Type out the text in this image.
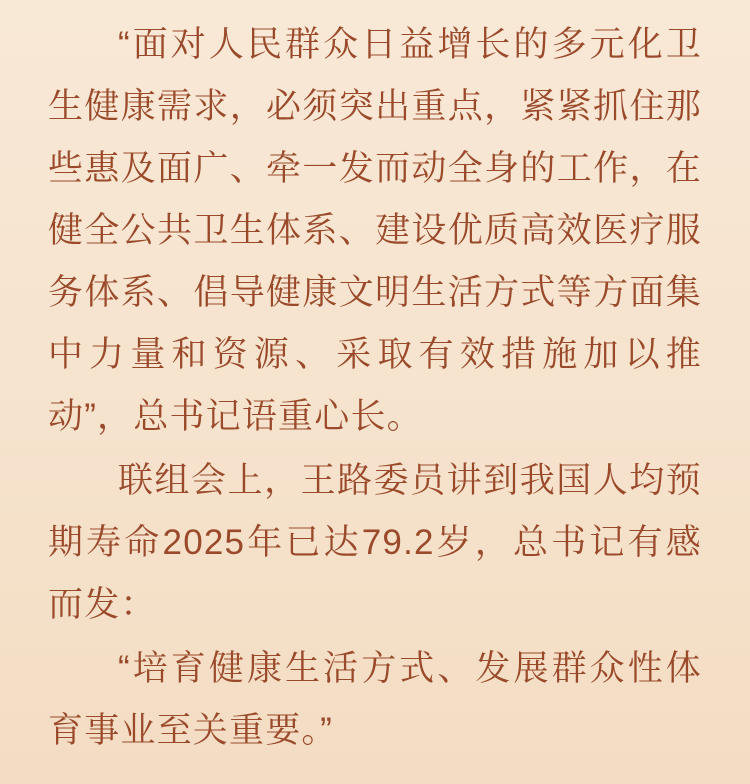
“面对人民群众日益增长的多元化卫生健康需求，必须突出重点，紧紧抓住那些惠及面广、牵一发而动全身的工作，在健全公共卫生体系、建设优质高效医疗服务体系、倡导健康文明生活方式等方面集中力量和资源、采取有效措施加以推动”，总书记语重心长。

联组会上，王路委员讲到我国人均预期寿命2025年已达79.2岁，总书记有感而发：

“培育健康生活方式、发展群众性体育事业至关重要。”
